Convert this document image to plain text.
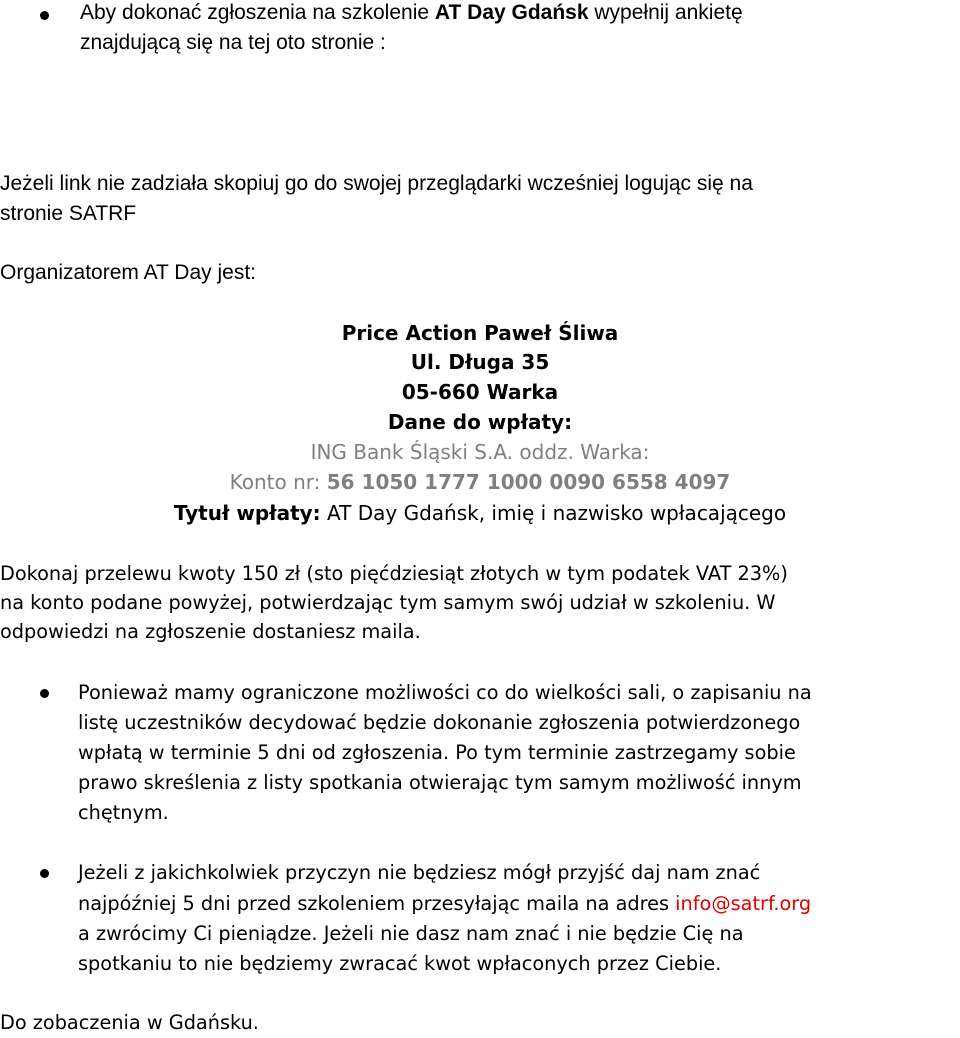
Aby dokonać zgłoszenia na szkolenie AT Day Gdańsk wypełnij ankietę
znajdującą się na tej oto stronie :
Jeżeli link nie zadziała skopiuj go do swojej przeglądarki wcześniej logując się na
stronie SATRF
Organizatorem AT Day jest:
Price Action Paweł Śliwa
Ul. Długa 35
05-660 Warka
Dane do wpłaty:
ING Bank Śląski S.A. oddz. Warka:
Konto nr: 56 1050 1777 1000 0090 6558 4097
Tytuł wpłaty: AT Day Gdańsk, imię i nazwisko wpłacającego
Dokonaj przelewu kwoty 150 zł (sto pięćdziesiąt złotych w tym podatek VAT 23%)
na konto podane powyżej, potwierdzając tym samym swój udział w szkoleniu. W
odpowiedzi na zgłoszenie dostaniesz maila.
Ponieważ mamy ograniczone możliwości co do wielkości sali, o zapisaniu na
listę uczestników decydować będzie dokonanie zgłoszenia potwierdzonego
wpłatą w terminie 5 dni od zgłoszenia. Po tym terminie zastrzegamy sobie
prawo skreślenia z listy spotkania otwierając tym samym możliwość innym
chętnym.
Jeżeli z jakichkolwiek przyczyn nie będziesz mógł przyjść daj nam znać
najpóźniej 5 dni przed szkoleniem przesyłając maila na adres info@satrf.org
a zwrócimy Ci pieniądze. Jeżeli nie dasz nam znać i nie będzie Cię na
spotkaniu to nie będziemy zwracać kwot wpłaconych przez Ciebie.
Do zobaczenia w Gdańsku.
